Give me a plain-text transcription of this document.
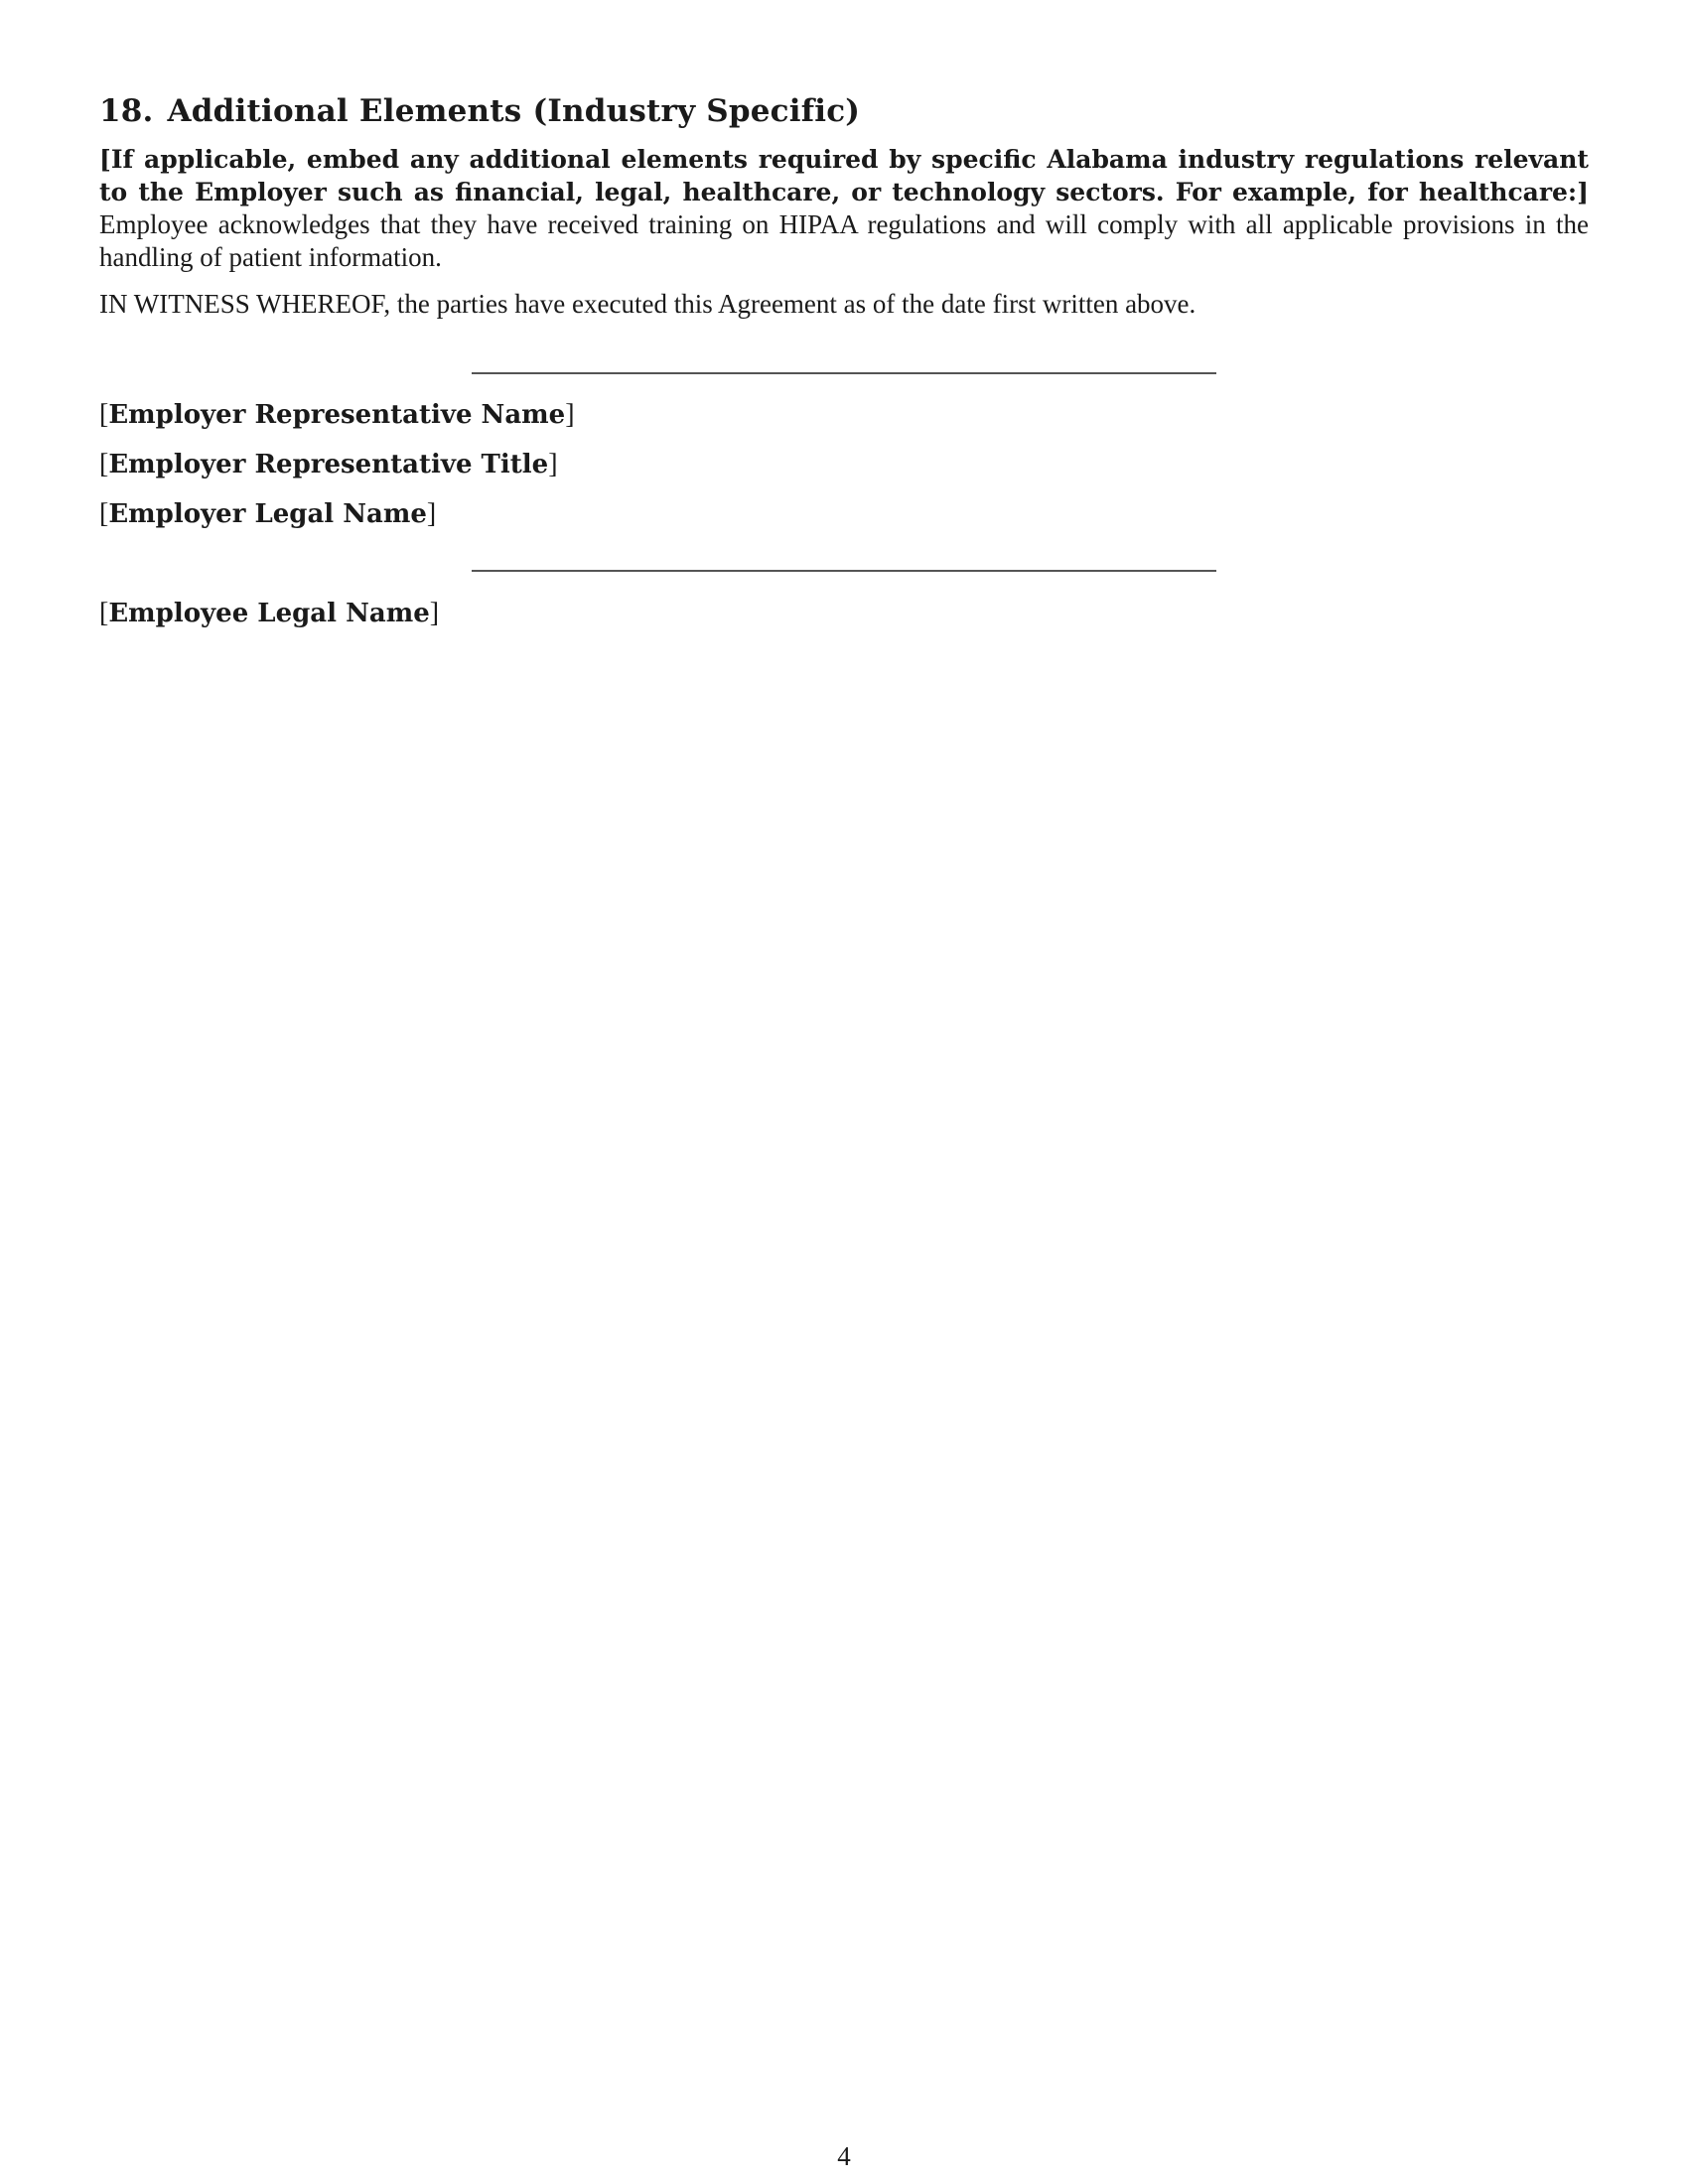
18. Additional Elements (Industry Specific)

[If applicable, embed any additional elements required by specific Alabama industry regulations relevant to the Employer such as financial, legal, healthcare, or technology sectors. For example, for healthcare:] Employee acknowledges that they have received training on HIPAA regulations and will comply with all applicable provisions in the handling of patient information.

IN WITNESS WHEREOF, the parties have executed this Agreement as of the date first written above.

[Employer Representative Name]
[Employer Representative Title]
[Employer Legal Name]
[Employee Legal Name]
4
